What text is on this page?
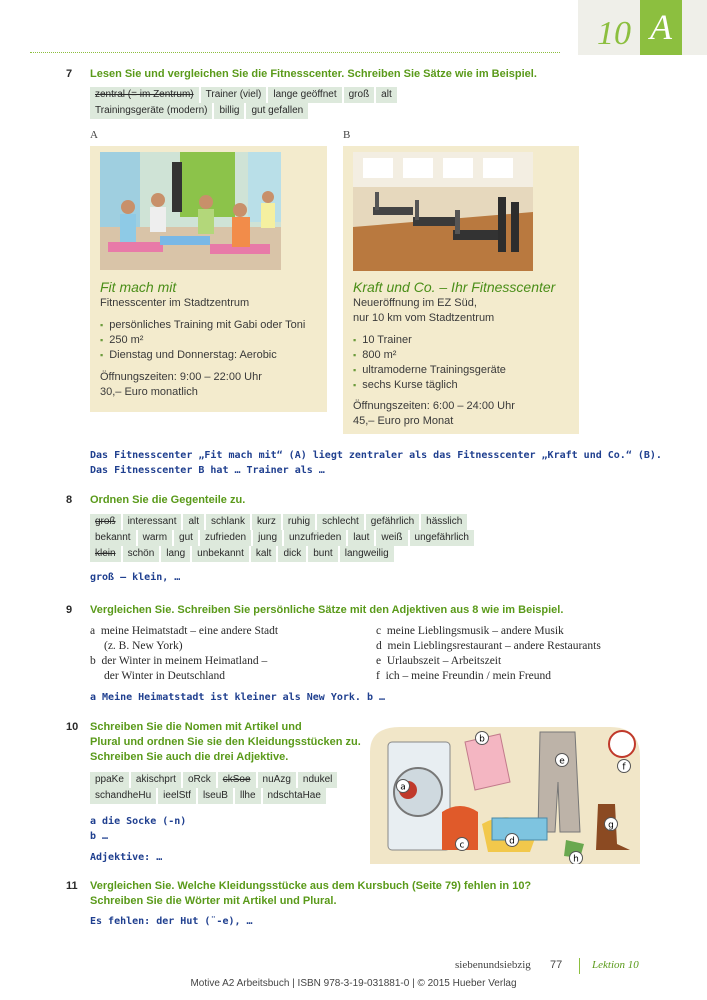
10 A
7 Lesen Sie und vergleichen Sie die Fitnesscenter. Schreiben Sie Sätze wie im Beispiel.
zentral (= im Zentrum)	Trainer (viel)	lange geöffnet	groß	alt
Trainingsgeräte (modern)	billig	gut gefallen
A
Fit mach mit
Fitnesscenter im Stadtzentrum
▪ persönliches Training mit Gabi oder Toni
▪ 250 m²
▪ Dienstag und Donnerstag: Aerobic
Öffnungszeiten: 9:00 – 22:00 Uhr
30,– Euro monatlich
B
Kraft und Co. – Ihr Fitnesscenter
Neueröffnung im EZ Süd,
nur 10 km vom Stadtzentrum
▪ 10 Trainer
▪ 800 m²
▪ ultramoderne Trainingsgeräte
▪ sechs Kurse täglich
Öffnungszeiten: 6:00 – 24:00 Uhr
45,– Euro pro Monat
Das Fitnesscenter „Fit mach mit“ (A) liegt zentraler als das Fitnesscenter „Kraft und Co.“ (B).
Das Fitnesscenter B hat … Trainer als …
8 Ordnen Sie die Gegenteile zu.
groß	interessant	alt	schlank	kurz	ruhig	schlecht	gefährlich	hässlich
bekannt	warm	gut	zufrieden	jung	unzufrieden	laut	weiß	ungefährlich
klein	schön	lang	unbekannt	kalt	dick	bunt	langweilig
groß – klein, …
9 Vergleichen Sie. Schreiben Sie persönliche Sätze mit den Adjektiven aus 8 wie im Beispiel.
a meine Heimatstadt – eine andere Stadt
(z. B. New York)
b der Winter in meinem Heimatland –
der Winter in Deutschland
c meine Lieblingsmusik – andere Musik
d mein Lieblingsrestaurant – andere Restaurants
e Urlaubszeit – Arbeitszeit
f ich – meine Freundin / mein Freund
a Meine Heimatstadt ist kleiner als New York. b …
10 Schreiben Sie die Nomen mit Artikel und
Plural und ordnen Sie sie den Kleidungsstücken zu.
Schreiben Sie auch die drei Adjektive.
ppaKe	akischprt	oRck	ckSoe	nuAzg	ndukel
schandheHu	ieelStf	lseuB	llhe	ndschtaHae
a die Socke (-n)
b …
Adjektive: …
a
b
c	d
e
f
g
h
11 Vergleichen Sie. Welche Kleidungsstücke aus dem Kursbuch (Seite 79) fehlen in 10?
Schreiben Sie die Wörter mit Artikel und Plural.
Es fehlen: der Hut (¨-e), …
siebenundsiebzig 77	Lektion 10
Motive A2 Arbeitsbuch | ISBN 978-3-19-031881-0 | © 2015 Hueber Verlag
